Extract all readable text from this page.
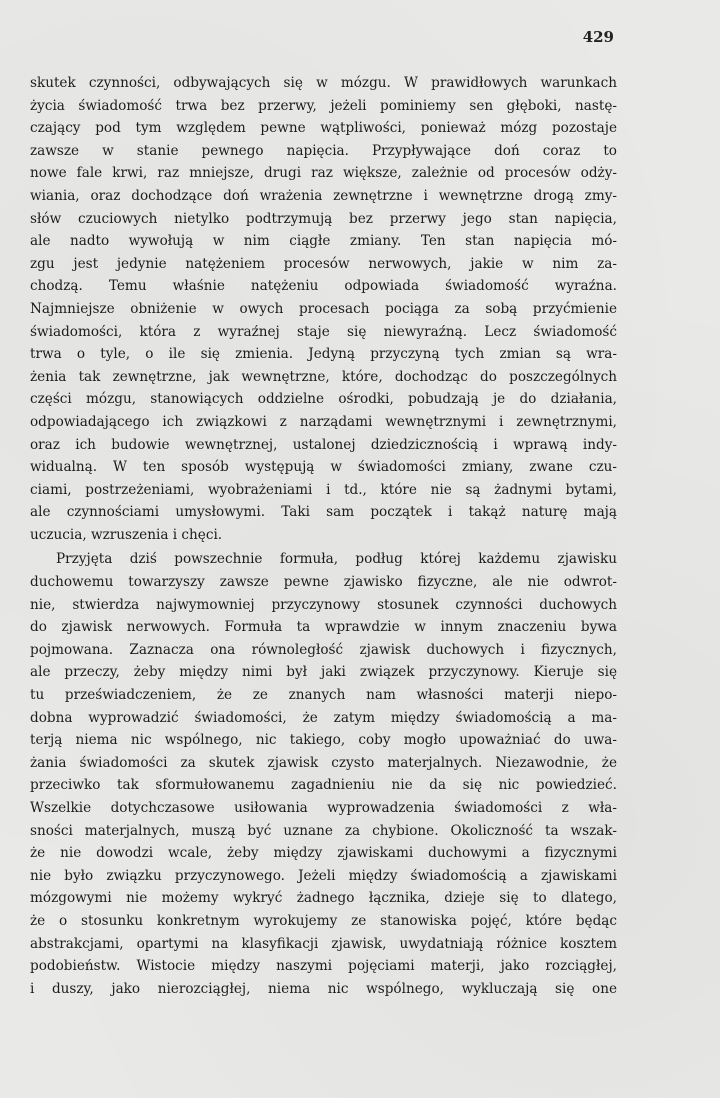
429

skutek czynności, odbywających się w mózgu. W prawidłowych warunkach
życia świadomość trwa bez przerwy, jeżeli pominiemy sen głęboki, nastę-
czający pod tym względem pewne wątpliwości, ponieważ mózg pozostaje
zawsze w stanie pewnego napięcia. Przypływające doń coraz to
nowe fale krwi, raz mniejsze, drugi raz większe, zależnie od procesów odży-
wiania, oraz dochodzące doń wrażenia zewnętrzne i wewnętrzne drogą zmy-
słów czuciowych nietylko podtrzymują bez przerwy jego stan napięcia,
ale nadto wywołują w nim ciągłe zmiany. Ten stan napięcia mó-
zgu jest jedynie natężeniem procesów nerwowych, jakie w nim za-
chodzą. Temu właśnie natężeniu odpowiada świadomość wyraźna.
Najmniejsze obniżenie w owych procesach pociąga za sobą przyćmienie
świadomości, która z wyraźnej staje się niewyraźną. Lecz świadomość
trwa o tyle, o ile się zmienia. Jedyną przyczyną tych zmian są wra-
żenia tak zewnętrzne, jak wewnętrzne, które, dochodząc do poszczególnych
części mózgu, stanowiących oddzielne ośrodki, pobudzają je do działania,
odpowiadającego ich związkowi z narządami wewnętrznymi i zewnętrznymi,
oraz ich budowie wewnętrznej, ustalonej dziedzicznością i wprawą indy-
widualną. W ten sposób występują w świadomości zmiany, zwane czu-
ciami, postrzeżeniami, wyobrażeniami i td., które nie są żadnymi bytami,
ale czynnościami umysłowymi. Taki sam początek i takąż naturę mają
uczucia, wzruszenia i chęci.
Przyjęta dziś powszechnie formuła, podług której każdemu zjawisku
duchowemu towarzyszy zawsze pewne zjawisko fizyczne, ale nie odwrot-
nie, stwierdza najwymowniej przyczynowy stosunek czynności duchowych
do zjawisk nerwowych. Formuła ta wprawdzie w innym znaczeniu bywa
pojmowana. Zaznacza ona równoległość zjawisk duchowych i fizycznych,
ale przeczy, żeby między nimi był jaki związek przyczynowy. Kieruje się
tu przeświadczeniem, że ze znanych nam własności materji niepo-
dobna wyprowadzić świadomości, że zatym między świadomością a ma-
terją niema nic wspólnego, nic takiego, coby mogło upoważniać do uwa-
żania świadomości za skutek zjawisk czysto materjalnych. Niezawodnie, że
przeciwko tak sformułowanemu zagadnieniu nie da się nic powiedzieć.
Wszelkie dotychczasowe usiłowania wyprowadzenia świadomości z wła-
sności materjalnych, muszą być uznane za chybione. Okoliczność ta wszak-
że nie dowodzi wcale, żeby między zjawiskami duchowymi a fizycznymi
nie było związku przyczynowego. Jeżeli między świadomością a zjawiskami
mózgowymi nie możemy wykryć żadnego łącznika, dzieje się to dlatego,
że o stosunku konkretnym wyrokujemy ze stanowiska pojęć, które będąc
abstrakcjami, opartymi na klasyfikacji zjawisk, uwydatniają różnice kosztem
podobieństw. Wistocie między naszymi pojęciami materji, jako rozciągłej,
i duszy, jako nierozciągłej, niema nic wspólnego, wykluczają się one
